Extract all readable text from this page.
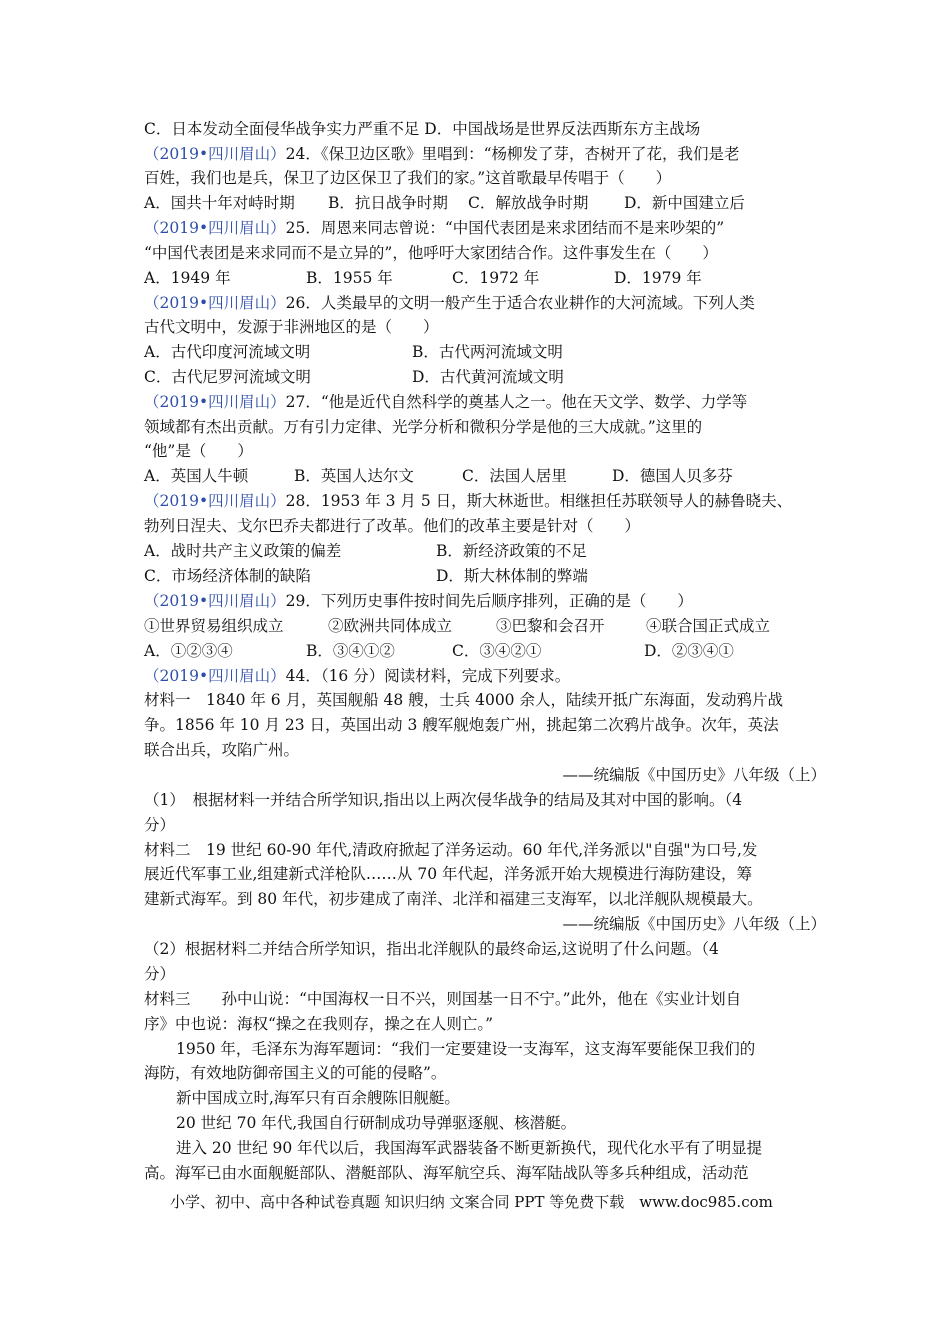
C．日本发动全面侵华战争实力严重不足 D．中国战场是世界反法西斯东方主战场
（2019•四川眉山）24．《保卫边区歌》里唱到：“杨柳发了芽，杏树开了花，我们是老
百姓，我们也是兵，保卫了边区保卫了我们的家。”这首歌最早传唱于（　　）
A．国共十年对峙时期 B．抗日战争时期 C．解放战争时期 D．新中国建立后
（2019•四川眉山）25．周恩来同志曾说：“中国代表团是来求团结而不是来吵架的”
“中国代表团是来求同而不是立异的”，他呼吁大家团结合作。这件事发生在（　　）
A．1949 年	B．1955 年	C．1972 年	D．1979 年
（2019•四川眉山）26．人类最早的文明一般产生于适合农业耕作的大河流域。下列人类
古代文明中，发源于非洲地区的是（　　）
A．古代印度河流域文明	B．古代两河流域文明
C．古代尼罗河流域文明	D．古代黄河流域文明
（2019•四川眉山）27．“他是近代自然科学的奠基人之一。他在天文学、数学、力学等
领域都有杰出贡献。万有引力定律、光学分析和微积分学是他的三大成就。”这里的
“他”是（　　）
A．英国人牛顿	B．英国人达尔文	C．法国人居里	D．德国人贝多芬
（2019•四川眉山）28．1953 年 3 月 5 日，斯大林逝世。相继担任苏联领导人的赫鲁晓夫、
勃列日涅夫、戈尔巴乔夫都进行了改革。他们的改革主要是针对（　　）
A．战时共产主义政策的偏差	B．新经济政策的不足
C．市场经济体制的缺陷	D．斯大林体制的弊端
（2019•四川眉山）29．下列历史事件按时间先后顺序排列，正确的是（　　）
①世界贸易组织成立	②欧洲共同体成立	③巴黎和会召开	④联合国正式成立
A．①②③④	B．③④①②	C．③④②①	D．②③④①
（2019•四川眉山）44．（16 分）阅读材料，完成下列要求。
材料一　1840 年 6 月，英国舰船 48 艘，士兵 4000 余人，陆续开抵广东海面，发动鸦片战
争。1856 年 10 月 23 日，英国出动 3 艘军舰炮轰广州，挑起第二次鸦片战争。次年，英法
联合出兵，攻陷广州。
——统编版《中国历史》八年级（上）
（1）　根据材料一并结合所学知识,指出以上两次侵华战争的结局及其对中国的影响。（4
分）
材料二　19 世纪 60-90 年代,清政府掀起了洋务运动。60 年代,洋务派以"自强"为口号,发
展近代军事工业,组建新式洋枪队……从 70 年代起，洋务派开始大规模进行海防建设，筹
建新式海军。到 80 年代，初步建成了南洋、北洋和福建三支海军，以北洋舰队规模最大。
——统编版《中国历史》八年级（上）
（2）根据材料二并结合所学知识，指出北洋舰队的最终命运,这说明了什么问题。（4
分）
材料三　　孙中山说：“中国海权一日不兴，则国基一日不宁。”此外，他在《实业计划自
序》中也说：海权“操之在我则存，操之在人则亡。”
1950 年，毛泽东为海军题词：“我们一定要建设一支海军，这支海军要能保卫我们的
海防，有效地防御帝国主义的可能的侵略”。
新中国成立时,海军只有百余艘陈旧舰艇。
20 世纪 70 年代,我国自行研制成功导弹驱逐舰、核潜艇。
进入 20 世纪 90 年代以后，我国海军武器装备不断更新换代，现代化水平有了明显提
高。海军已由水面舰艇部队、潜艇部队、海军航空兵、海军陆战队等多兵种组成，活动范
小学、初中、高中各种试卷真题 知识归纳 文案合同 PPT 等免费下载　www.doc985.com
